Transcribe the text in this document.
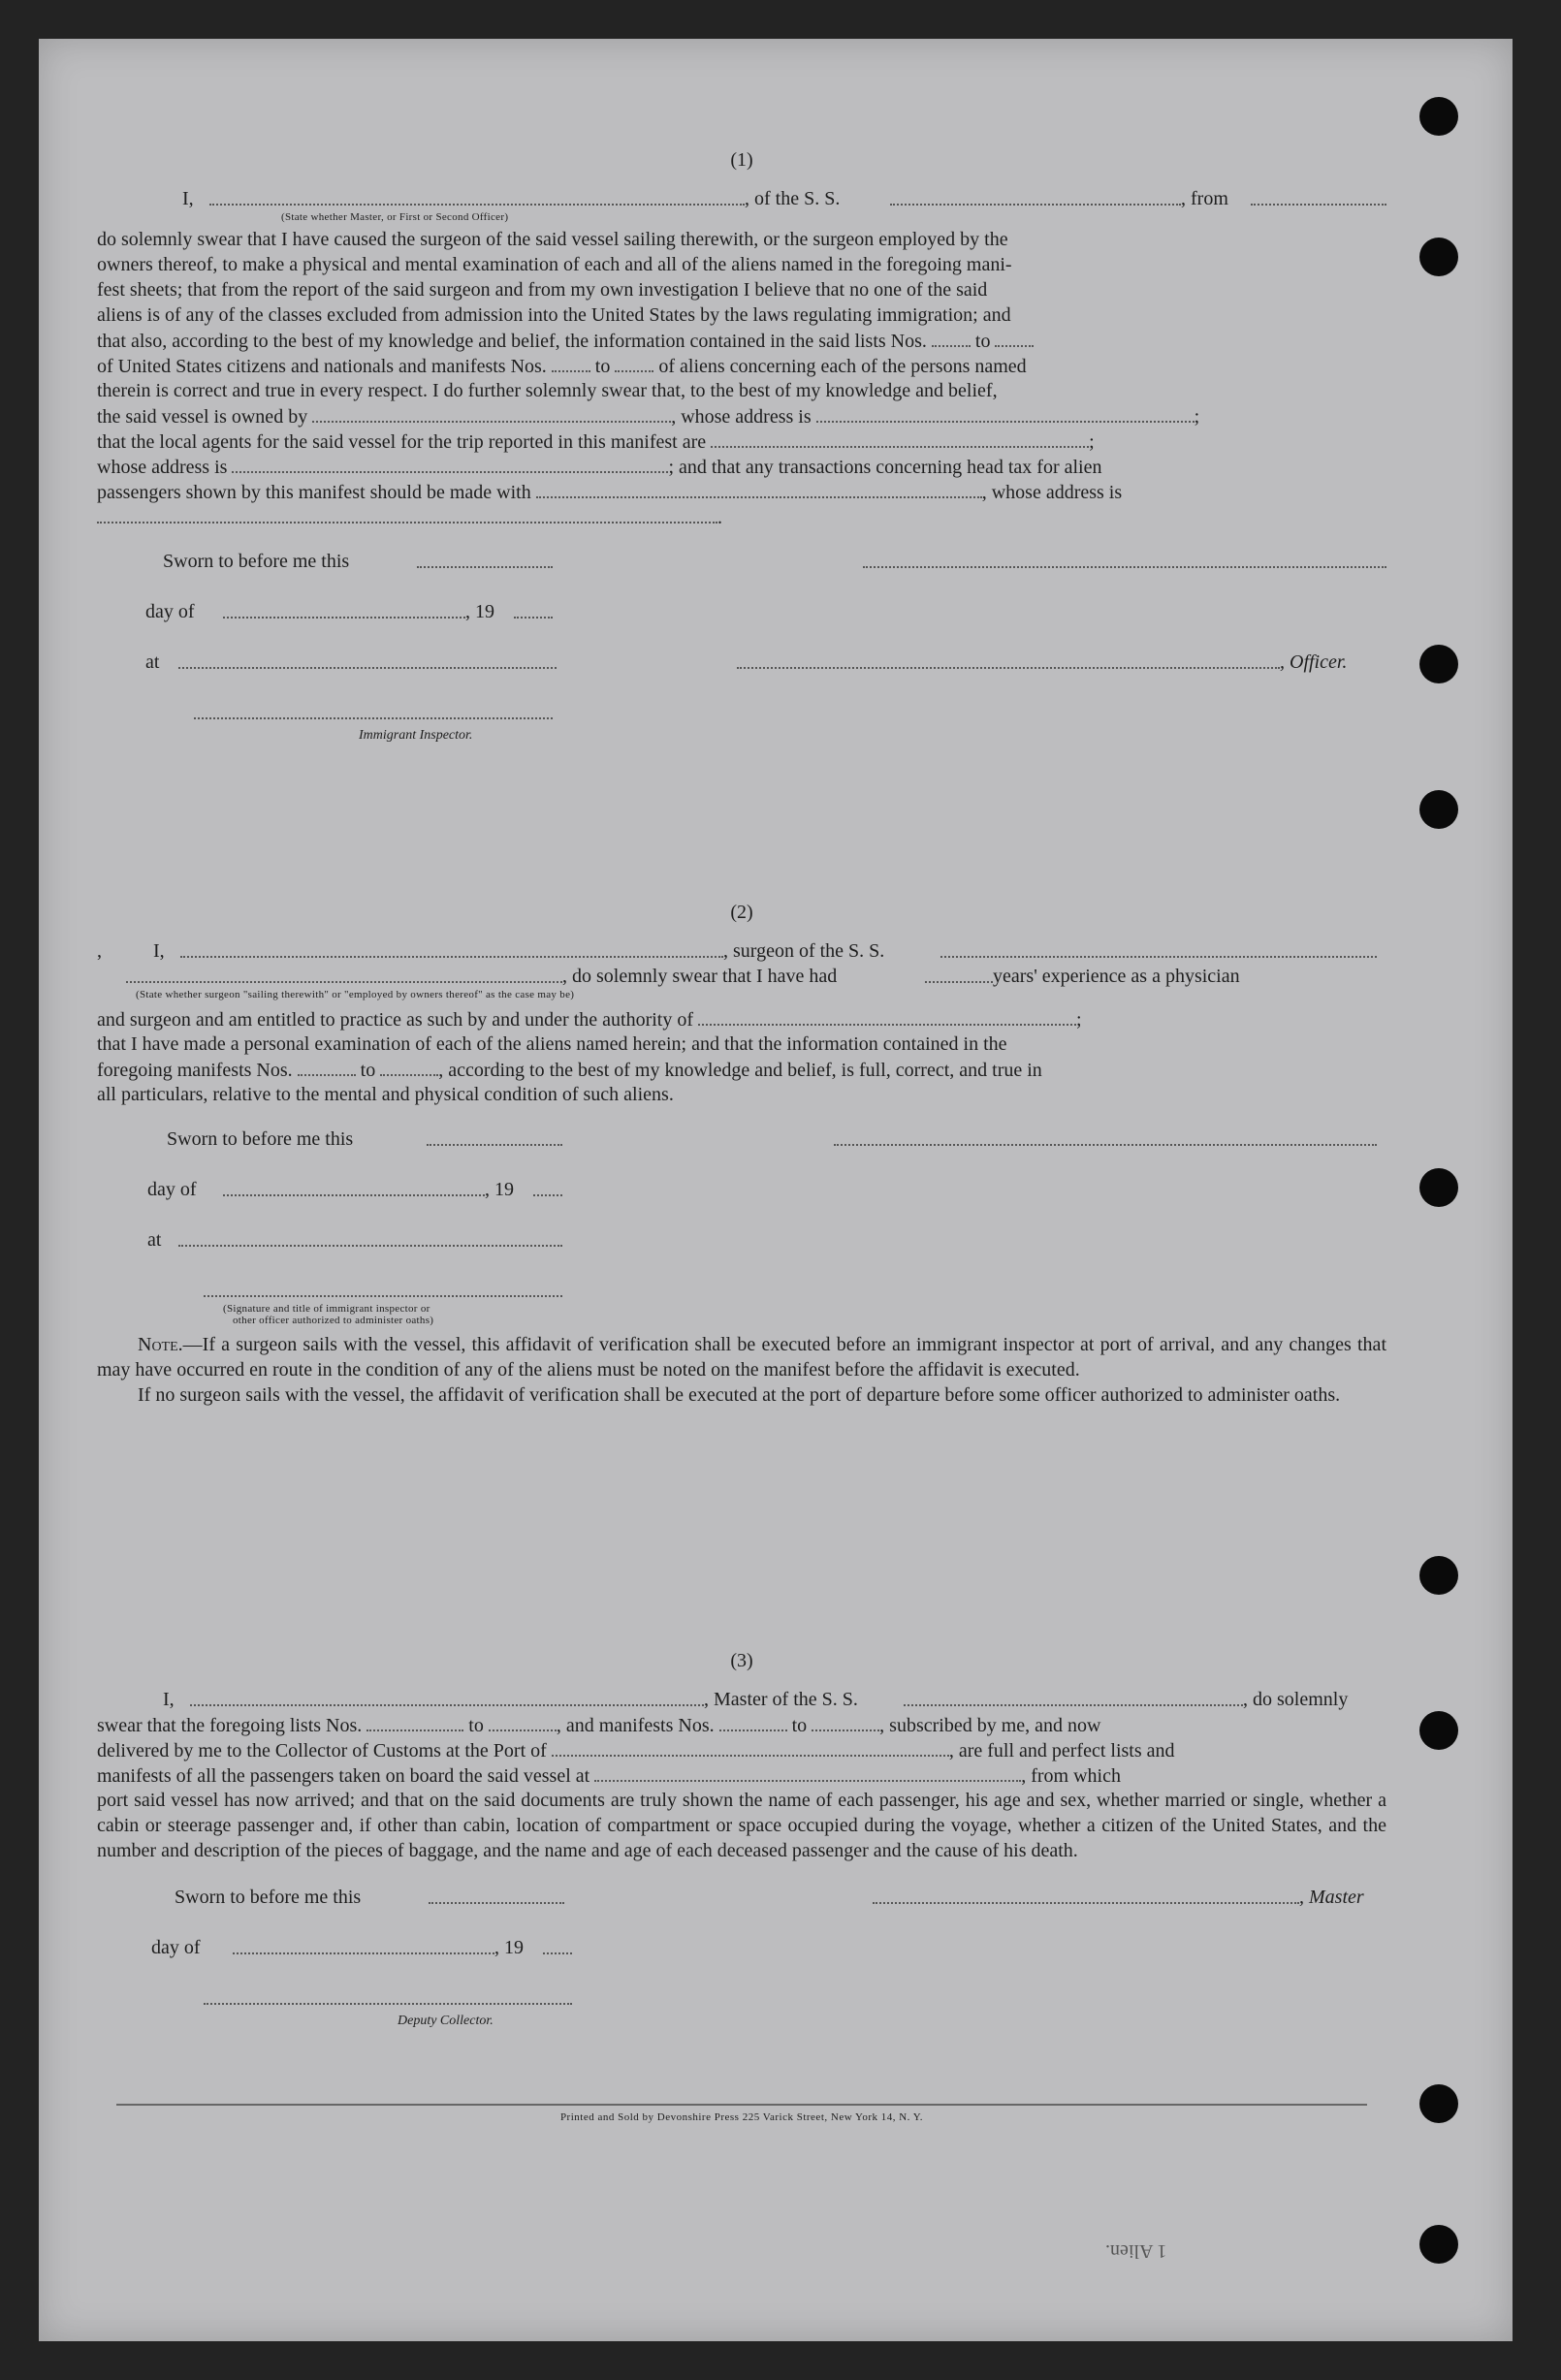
(1)
I,	, of the S. S.	, from
(State whether Master, or First or Second Officer)
do solemnly swear that I have caused the surgeon of the said vessel sailing therewith, or the surgeon employed by the
owners thereof, to make a physical and mental examination of each and all of the aliens named in the foregoing mani-
fest sheets; that from the report of the said surgeon and from my own investigation I believe that no one of the said
aliens is of any of the classes excluded from admission into the United States by the laws regulating immigration; and
that also, according to the best of my knowledge and belief, the information contained in the said lists Nos.	to
of United States citizens and nationals and manifests Nos.	to	of aliens concerning each of the persons named
therein is correct and true in every respect. I do further solemnly swear that, to the best of my knowledge and belief,
the said vessel is owned by	, whose address is	;
that the local agents for the said vessel for the trip reported in this manifest are	;
whose address is	; and that any transactions concerning head tax for alien
passengers shown by this manifest should be made with	, whose address is
.
Sworn to before me this
day of	, 19
at	, Officer.
Immigrant Inspector.
(2)
I,	, surgeon of the S. S.
,
, do solemnly swear that I have had	years' experience as a physician
(State whether surgeon "sailing therewith" or "employed by owners thereof" as the case may be)
and surgeon and am entitled to practice as such by and under the authority of	;
that I have made a personal examination of each of the aliens named herein; and that the information contained in the
foregoing manifests Nos.	to	, according to the best of my knowledge and belief, is full, correct, and true in
all particulars, relative to the mental and physical condition of such aliens.
Sworn to before me this
day of	, 19
at
(Signature and title of immigrant inspector or
other officer authorized to administer oaths)
Note.—If a surgeon sails with the vessel, this affidavit of verification shall be executed before an immigrant inspector at port of arrival, and any changes that may have occurred en route in the condition of any of the aliens must be noted on the manifest before the affidavit is executed.
If no surgeon sails with the vessel, the affidavit of verification shall be executed at the port of departure before some officer authorized to administer oaths.
(3)
I,	, Master of the S. S.	, do solemnly
swear that the foregoing lists Nos.	to	, and manifests Nos.	to	, subscribed by me, and now
delivered by me to the Collector of Customs at the Port of	, are full and perfect lists and
manifests of all the passengers taken on board the said vessel at	, from which
port said vessel has now arrived; and that on the said documents are truly shown the name of each passenger, his age and sex, whether married or single, whether a cabin or steerage passenger and, if other than cabin, location of compartment or space occupied during the voyage, whether a citizen of the United States, and the number and description of the pieces of baggage, and the name and age of each deceased passenger and the cause of his death.
Sworn to before me this	, Master
day of	, 19
Deputy Collector.
Printed and Sold by Devonshire Press 225 Varick Street, New York 14, N. Y.
1 Alien.
